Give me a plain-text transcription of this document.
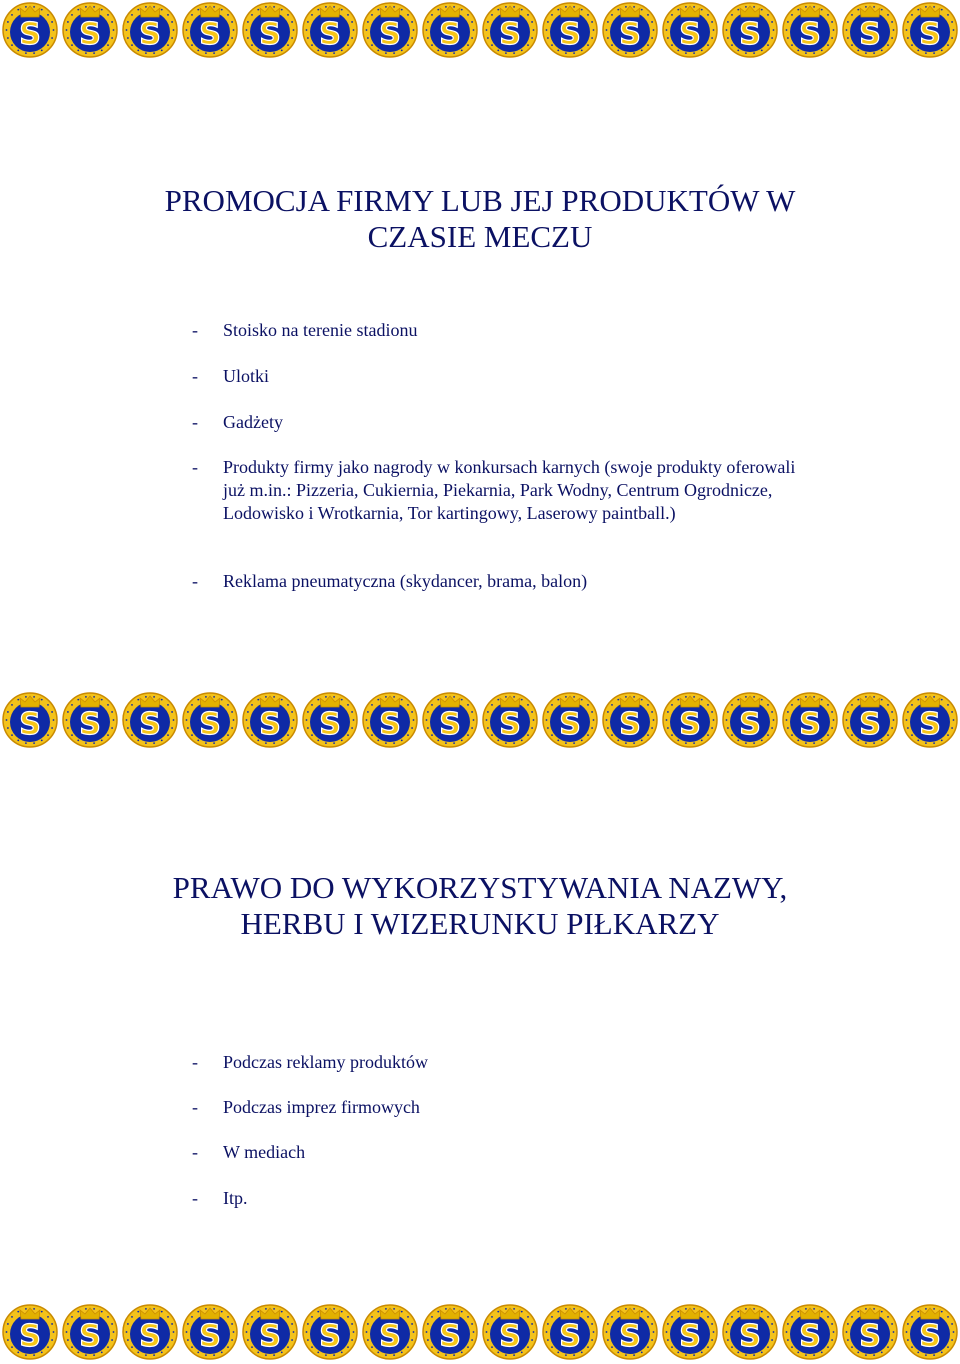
S S S S S S S S S S S S S S S S
PROMOCJA FIRMY LUB JEJ PRODUKTÓW W
CZASIE MECZU
- Stoisko na terenie stadionu
- Ulotki
- Gadżety
- Produkty firmy jako nagrody w konkursach karnych (swoje produkty oferowali już m.in.: Pizzeria, Cukiernia, Piekarnia, Park Wodny, Centrum Ogrodnicze, Lodowisko i Wrotkarnia, Tor kartingowy, Laserowy paintball.)
- Reklama pneumatyczna (skydancer, brama, balon)
S S S S S S S S S S S S S S S S
PRAWO DO WYKORZYSTYWANIA NAZWY,
HERBU I WIZERUNKU PIŁKARZY
- Podczas reklamy produktów
- Podczas imprez firmowych
- W mediach
- Itp.
S S S S S S S S S S S S S S S S
